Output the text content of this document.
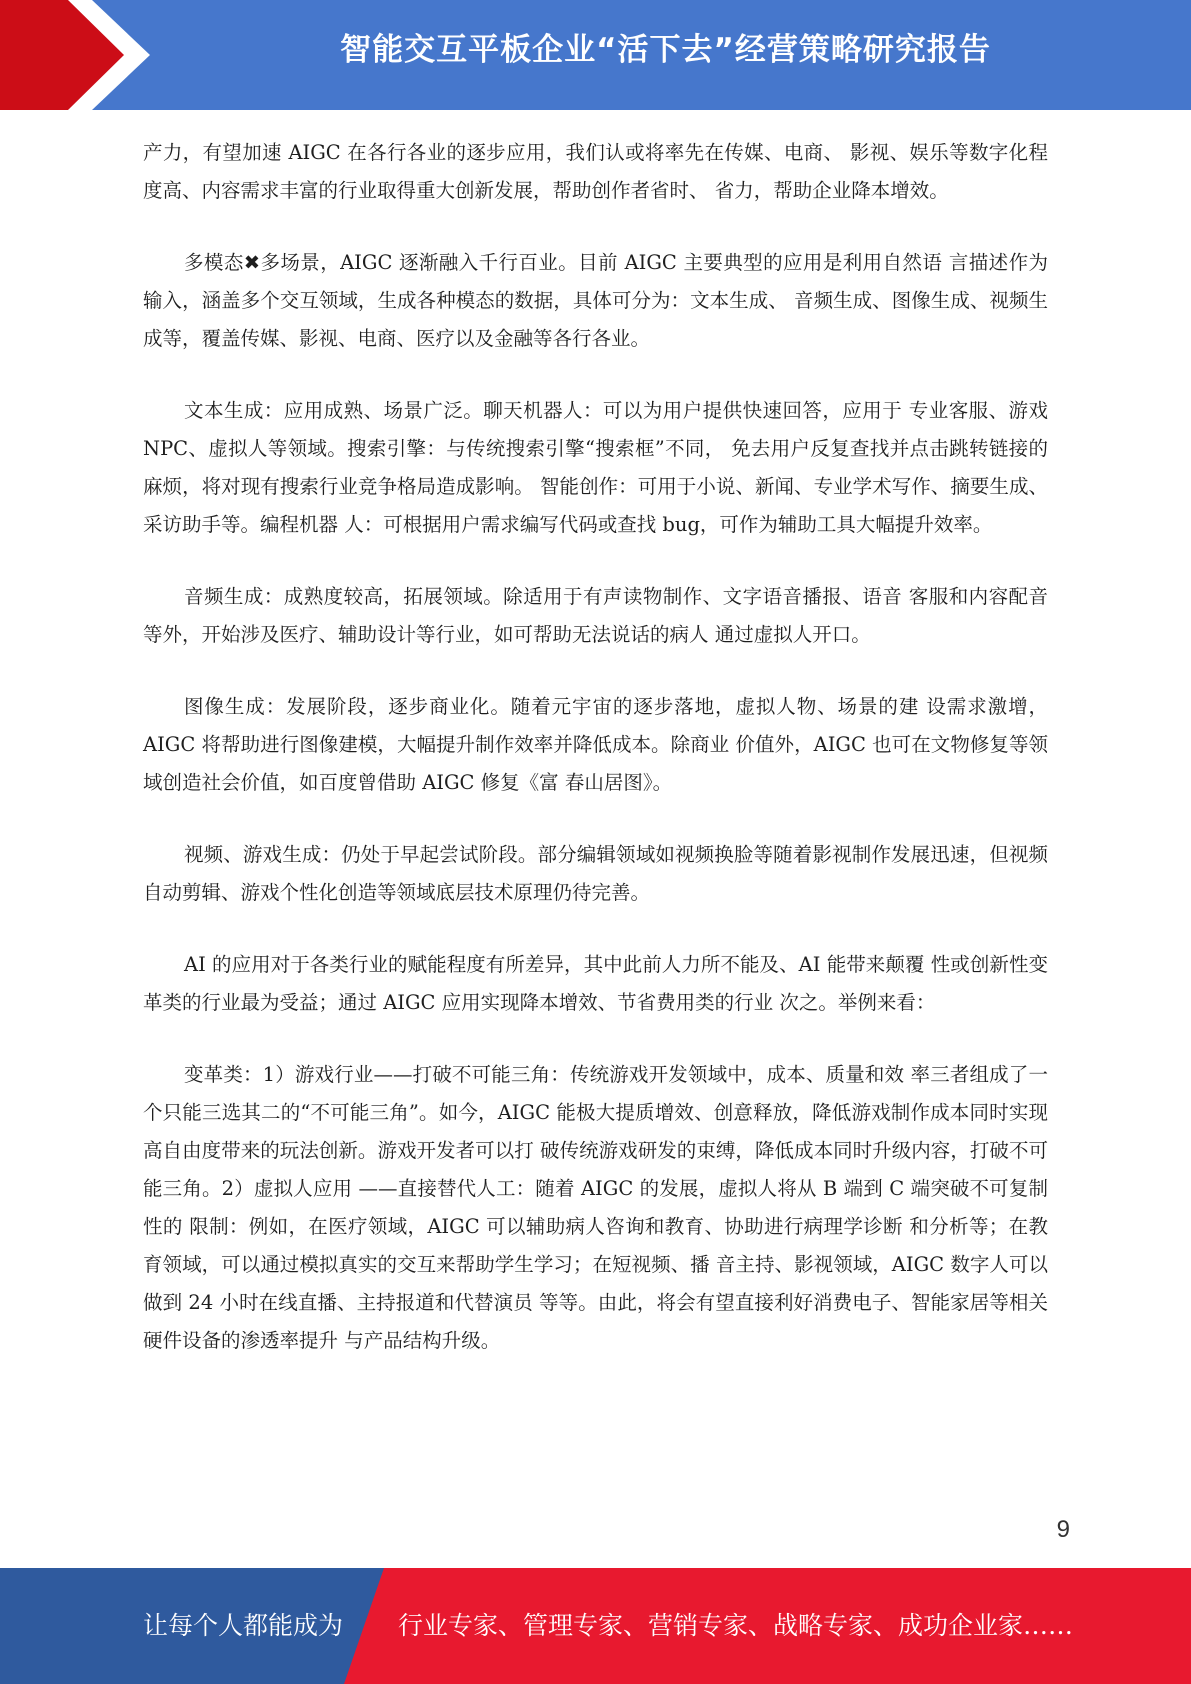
智能交互平板企业“活下去”经营策略研究报告

产力，有望加速 AIGC 在各行各业的逐步应用，我们认或将率先在传媒、电商、 影视、娱乐等数字化程度高、内容需求丰富的行业取得重大创新发展，帮助创作者省时、 省力，帮助企业降本增效。

多模态✖多场景，AIGC 逐渐融入千行百业。目前 AIGC 主要典型的应用是利用自然语 言描述作为输入，涵盖多个交互领域，生成各种模态的数据，具体可分为：文本生成、 音频生成、图像生成、视频生成等，覆盖传媒、影视、电商、医疗以及金融等各行各业。

文本生成：应用成熟、场景广泛。聊天机器人：可以为用户提供快速回答，应用于 专业客服、游戏 NPC、虚拟人等领域。搜索引擎：与传统搜索引擎“搜索框”不同， 免去用户反复查找并点击跳转链接的麻烦，将对现有搜索行业竞争格局造成影响。 智能创作：可用于小说、新闻、专业学术写作、摘要生成、采访助手等。编程机器 人：可根据用户需求编写代码或查找 bug，可作为辅助工具大幅提升效率。

音频生成：成熟度较高，拓展领域。除适用于有声读物制作、文字语音播报、语音 客服和内容配音等外，开始涉及医疗、辅助设计等行业，如可帮助无法说话的病人 通过虚拟人开口。

图像生成：发展阶段，逐步商业化。随着元宇宙的逐步落地，虚拟人物、场景的建 设需求激增，AIGC 将帮助进行图像建模，大幅提升制作效率并降低成本。除商业 价值外，AIGC 也可在文物修复等领域创造社会价值，如百度曾借助 AIGC 修复《富 春山居图》。

视频、游戏生成：仍处于早起尝试阶段。部分编辑领域如视频换脸等随着影视制作发展迅速，但视频自动剪辑、游戏个性化创造等领域底层技术原理仍待完善。

AI 的应用对于各类行业的赋能程度有所差异，其中此前人力所不能及、AI 能带来颠覆 性或创新性变革类的行业最为受益；通过 AIGC 应用实现降本增效、节省费用类的行业 次之。举例来看：

变革类：1）游戏行业——打破不可能三角：传统游戏开发领域中，成本、质量和效 率三者组成了一个只能三选其二的“不可能三角”。如今，AIGC 能极大提质增效、创意释放，降低游戏制作成本同时实现高自由度带来的玩法创新。游戏开发者可以打 破传统游戏研发的束缚，降低成本同时升级内容，打破不可能三角。2）虚拟人应用 ——直接替代人工：随着 AIGC 的发展，虚拟人将从 B 端到 C 端突破不可复制性的 限制：例如，在医疗领域，AIGC 可以辅助病人咨询和教育、协助进行病理学诊断 和分析等；在教育领域，可以通过模拟真实的交互来帮助学生学习；在短视频、播 音主持、影视领域，AIGC 数字人可以做到 24 小时在线直播、主持报道和代替演员 等等。由此，将会有望直接利好消费电子、智能家居等相关硬件设备的渗透率提升 与产品结构升级。

9
让每个人都能成为 行业专家、管理专家、营销专家、战略专家、成功企业家……
